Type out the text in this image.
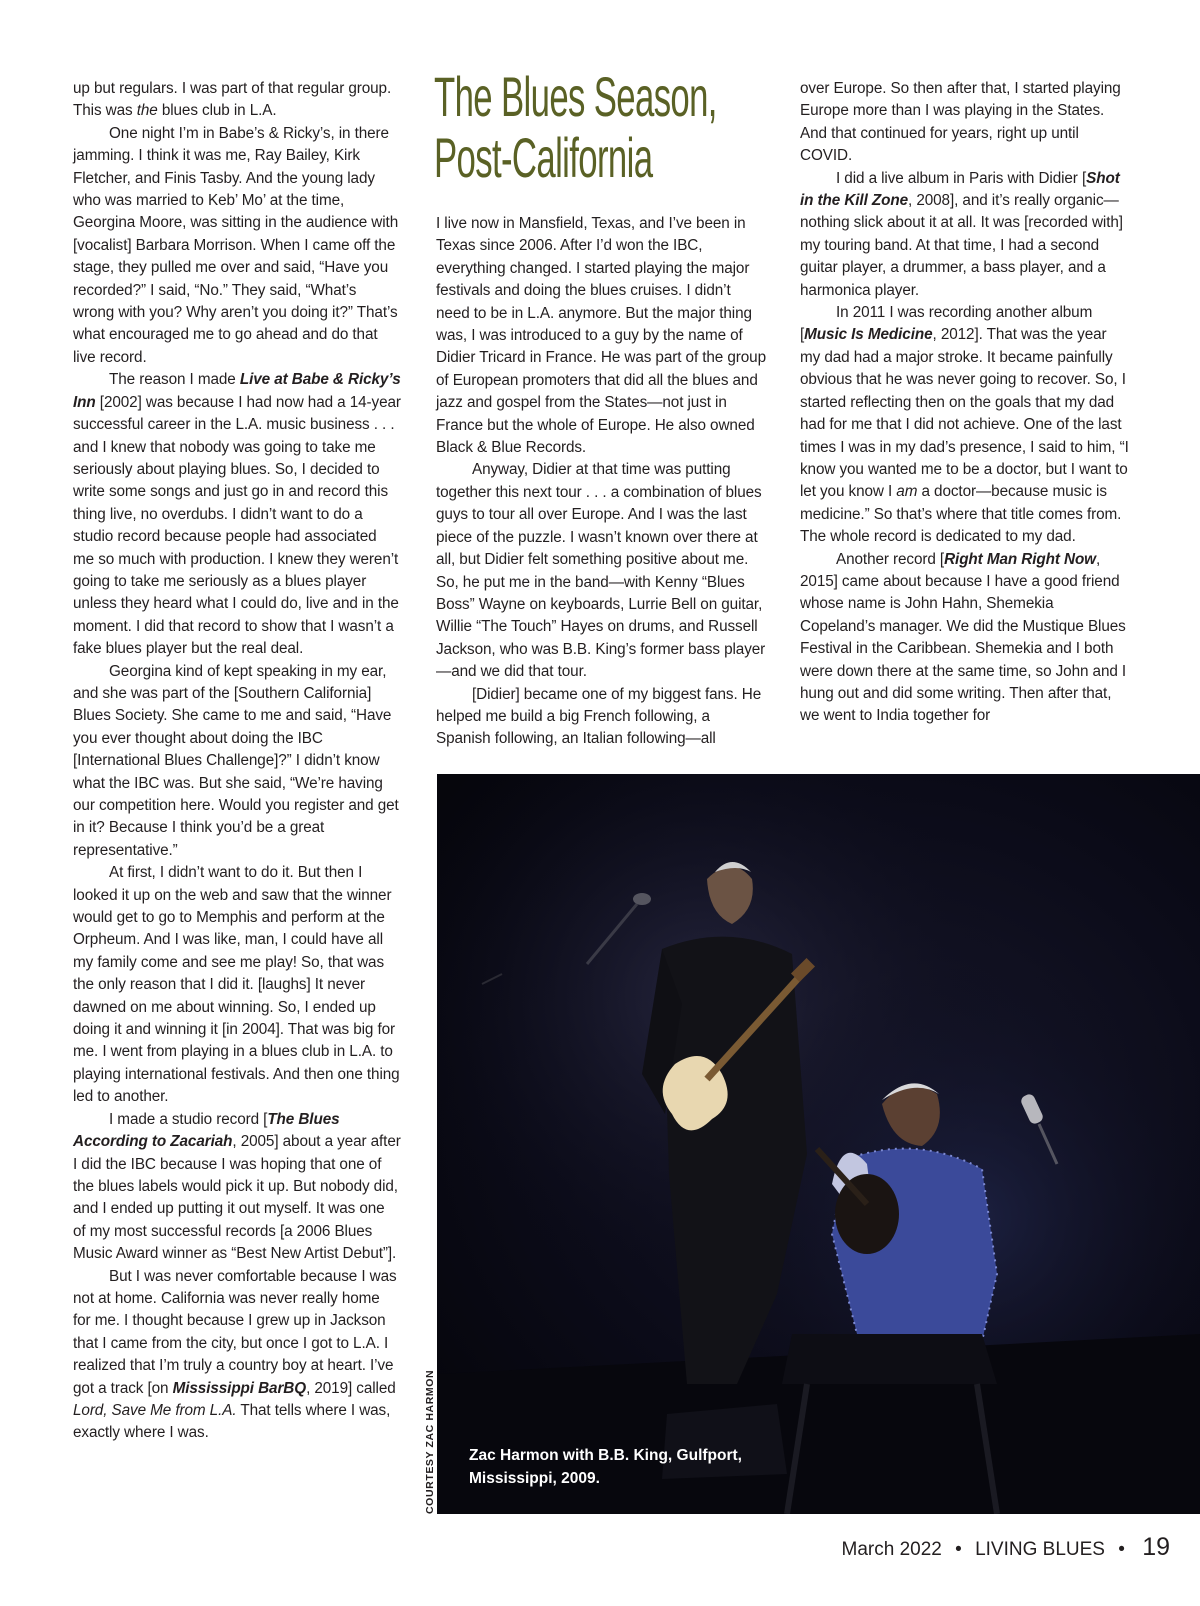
up but regulars. I was part of that regular group. This was the blues club in L.A.

One night I’m in Babe’s & Ricky’s, in there jamming. I think it was me, Ray Bailey, Kirk Fletcher, and Finis Tasby. And the young lady who was married to Keb’ Mo’ at the time, Georgina Moore, was sitting in the audience with [vocalist] Barbara Morrison. When I came off the stage, they pulled me over and said, “Have you recorded?” I said, “No.” They said, “What’s wrong with you? Why aren’t you doing it?” That’s what encouraged me to go ahead and do that live record.

The reason I made Live at Babe & Ricky’s Inn [2002] was because I had now had a 14-year successful career in the L.A. music business . . . and I knew that nobody was going to take me seriously about playing blues. So, I decided to write some songs and just go in and record this thing live, no overdubs. I didn’t want to do a studio record because people had associated me so much with production. I knew they weren’t going to take me seriously as a blues player unless they heard what I could do, live and in the moment. I did that record to show that I wasn’t a fake blues player but the real deal.

Georgina kind of kept speaking in my ear, and she was part of the [Southern California] Blues Society. She came to me and said, “Have you ever thought about doing the IBC [International Blues Challenge]?” I didn’t know what the IBC was. But she said, “We’re having our competition here. Would you register and get in it? Because I think you’d be a great representative.”

At first, I didn’t want to do it. But then I looked it up on the web and saw that the winner would get to go to Memphis and perform at the Orpheum. And I was like, man, I could have all my family come and see me play! So, that was the only reason that I did it. [laughs] It never dawned on me about winning. So, I ended up doing it and winning it [in 2004]. That was big for me. I went from playing in a blues club in L.A. to playing international festivals. And then one thing led to another.

I made a studio record [The Blues According to Zacariah, 2005] about a year after I did the IBC because I was hoping that one of the blues labels would pick it up. But nobody did, and I ended up putting it out myself. It was one of my most successful records [a 2006 Blues Music Award winner as “Best New Artist Debut”].

But I was never comfortable because I was not at home. California was never really home for me. I thought because I grew up in Jackson that I came from the city, but once I got to L.A. I realized that I’m truly a country boy at heart. I’ve got a track [on Mississippi BarBQ, 2019] called Lord, Save Me from L.A. That tells where I was, exactly where I was.

The Blues Season,
Post-California

I live now in Mansfield, Texas, and I’ve been in Texas since 2006. After I’d won the IBC, everything changed. I started playing the major festivals and doing the blues cruises. I didn’t need to be in L.A. anymore. But the major thing was, I was introduced to a guy by the name of Didier Tricard in France. He was part of the group of European promoters that did all the blues and jazz and gospel from the States—not just in France but the whole of Europe. He also owned Black & Blue Records.

Anyway, Didier at that time was putting together this next tour . . . a combination of blues guys to tour all over Europe. And I was the last piece of the puzzle. I wasn’t known over there at all, but Didier felt something positive about me. So, he put me in the band—with Kenny “Blues Boss” Wayne on keyboards, Lurrie Bell on guitar, Willie “The Touch” Hayes on drums, and Russell Jackson, who was B.B. King’s former bass player—and we did that tour.

[Didier] became one of my biggest fans. He helped me build a big French following, a Spanish following, an Italian following—all

over Europe. So then after that, I started playing Europe more than I was playing in the States. And that continued for years, right up until COVID.

I did a live album in Paris with Didier [Shot in the Kill Zone, 2008], and it’s really organic—nothing slick about it at all. It was [recorded with] my touring band. At that time, I had a second guitar player, a drummer, a bass player, and a harmonica player.

In 2011 I was recording another album [Music Is Medicine, 2012]. That was the year my dad had a major stroke. It became painfully obvious that he was never going to recover. So, I started reflecting then on the goals that my dad had for me that I did not achieve. One of the last times I was in my dad’s presence, I said to him, “I know you wanted me to be a doctor, but I want to let you know I am a doctor—because music is medicine.” So that’s where that title comes from. The whole record is dedicated to my dad.

Another record [Right Man Right Now, 2015] came about because I have a good friend whose name is John Hahn, Shemekia Copeland’s manager. We did the Mustique Blues Festival in the Caribbean. Shemekia and I both were down there at the same time, so John and I hung out and did some writing. Then after that, we went to India together for

Zac Harmon with B.B. King, Gulfport, Mississippi, 2009.
COURTESY ZAC HARMON
March 2022 • LIVING BLUES • 19
